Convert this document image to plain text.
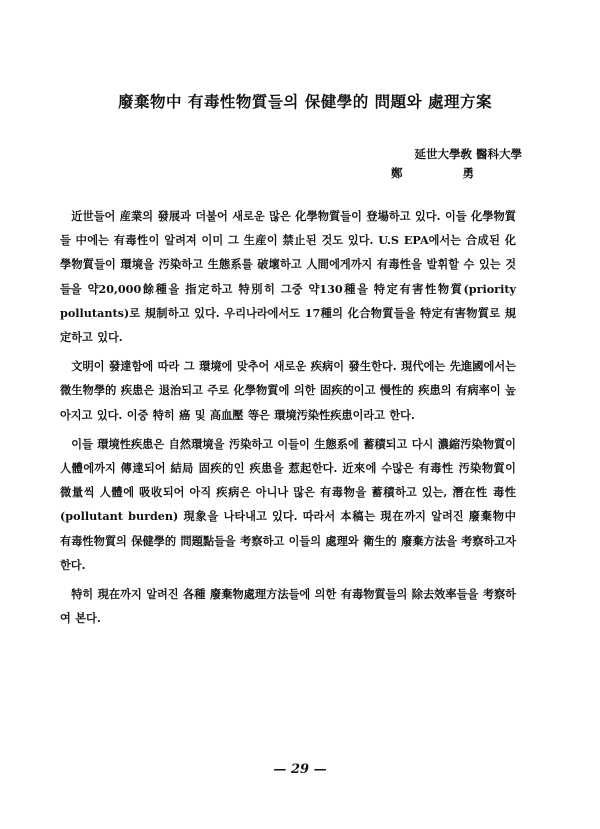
廢棄物中 有毒性物質들의 保健學的 問題와 處理方案
延世大學敎 醫科大學
鄭 勇

近世들어 産業의 發展과 더불어 새로운 많은 化學物質들이 登場하고 있다. 이들 化學物質들 中에는 有毒性이 알려져 이미 그 生産이 禁止된 것도 있다. U.S EPA에서는 合成된 化學物質들이 環境을 汚染하고 生態系를 破壞하고 人間에게까지 有毒性을 발휘할 수 있는 것들을 약20,000餘種을 指定하고 特別히 그중 약130種을 特定有害性物質(priority pollutants)로 規制하고 있다. 우리나라에서도 17種의 化合物質들을 特定有害物質로 規定하고 있다.

文明이 發達함에 따라 그 環境에 맞추어 새로운 疾病이 發生한다. 現代에는 先進國에서는 微生物學的 疾患은 退治되고 주로 化學物質에 의한 固疾的이고 慢性的 疾患의 有病率이 높아지고 있다. 이중 特히 癌 및 高血壓 等은 環境汚染性疾患이라고 한다.

이들 環境性疾患은 自然環境을 汚染하고 이들이 生態系에 蓄積되고 다시 濃縮汚染物質이 人體에까지 傳達되어 結局 固疾的인 疾患을 惹起한다. 近來에 수많은 有毒性 汚染物質이 微量씩 人體에 吸收되어 아직 疾病은 아니나 많은 有毒物을 蓄積하고 있는, 潛在性 毒性(pollutant burden) 現象을 나타내고 있다. 따라서 本稿는 現在까지 알려진 廢棄物中 有毒性物質의 保健學的 問題點들을 考察하고 이들의 處理와 衛生的 廢棄方法을 考察하고자 한다.

特히 現在까지 알려진 各種 廢棄物處理方法들에 의한 有毒物質들의 除去效率들을 考察하여 본다.

— 29 —
